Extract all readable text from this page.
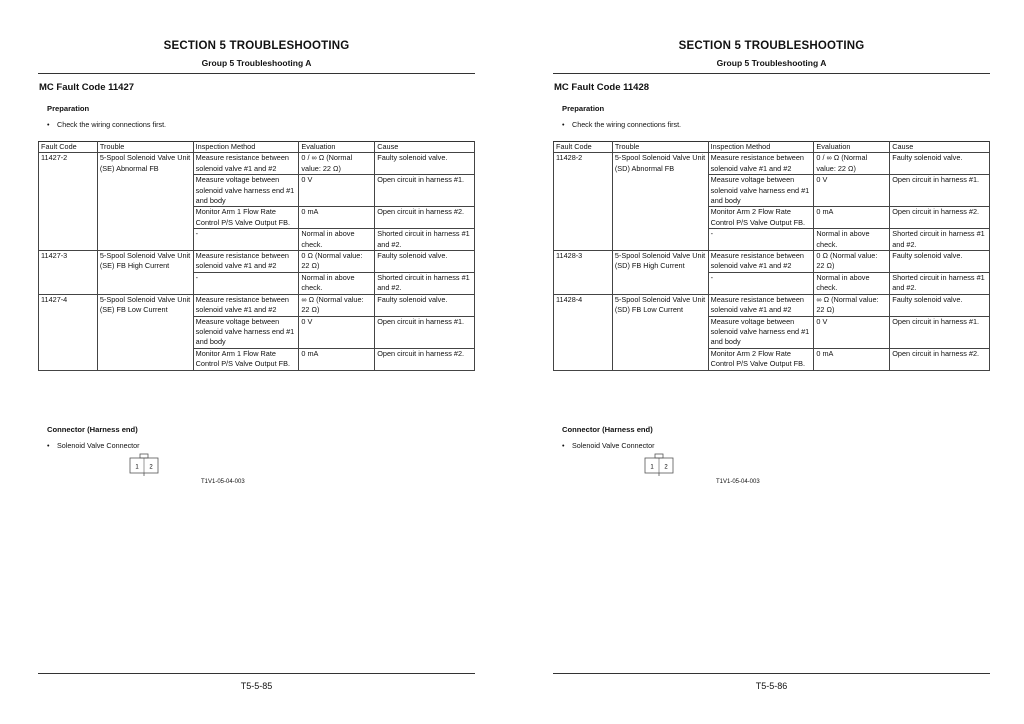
SECTION 5 TROUBLESHOOTING
Group 5 Troubleshooting A
MC Fault Code 11427
Preparation
• Check the wiring connections first.
Fault Code	Trouble	Inspection Method	Evaluation	Cause
11427-2	5-Spool Solenoid Valve Unit (SE) Abnormal FB	Measure resistance between solenoid valve #1 and #2	0 / ∞ Ω (Normal value: 22 Ω)	Faulty solenoid valve.
		Measure voltage between solenoid valve harness end #1 and body	0 V	Open circuit in harness #1.
		Monitor Arm 1 Flow Rate Control P/S Valve Output FB.	0 mA	Open circuit in harness #2.
		-	Normal in above check.	Shorted circuit in harness #1 and #2.
11427-3	5-Spool Solenoid Valve Unit (SE) FB High Current	Measure resistance between solenoid valve #1 and #2	0 Ω (Normal value: 22 Ω)	Faulty solenoid valve.
		-	Normal in above check.	Shorted circuit in harness #1 and #2.
11427-4	5-Spool Solenoid Valve Unit (SE) FB Low Current	Measure resistance between solenoid valve #1 and #2	∞ Ω (Normal value: 22 Ω)	Faulty solenoid valve.
		Measure voltage between solenoid valve harness end #1 and body	0 V	Open circuit in harness #1.
		Monitor Arm 1 Flow Rate Control P/S Valve Output FB.	0 mA	Open circuit in harness #2.
Connector (Harness end)
• Solenoid Valve Connector
1 2
T1V1-05-04-003
T5-5-85
SECTION 5 TROUBLESHOOTING
Group 5 Troubleshooting A
MC Fault Code 11428
Preparation
• Check the wiring connections first.
Fault Code	Trouble	Inspection Method	Evaluation	Cause
11428-2	5-Spool Solenoid Valve Unit (SD) Abnormal FB	Measure resistance between solenoid valve #1 and #2	0 / ∞ Ω (Normal value: 22 Ω)	Faulty solenoid valve.
		Measure voltage between solenoid valve harness end #1 and body	0 V	Open circuit in harness #1.
		Monitor Arm 2 Flow Rate Control P/S Valve Output FB.	0 mA	Open circuit in harness #2.
		-	Normal in above check.	Shorted circuit in harness #1 and #2.
11428-3	5-Spool Solenoid Valve Unit (SD) FB High Current	Measure resistance between solenoid valve #1 and #2	0 Ω (Normal value: 22 Ω)	Faulty solenoid valve.
		-	Normal in above check.	Shorted circuit in harness #1 and #2.
11428-4	5-Spool Solenoid Valve Unit (SD) FB Low Current	Measure resistance between solenoid valve #1 and #2	∞ Ω (Normal value: 22 Ω)	Faulty solenoid valve.
		Measure voltage between solenoid valve harness end #1 and body	0 V	Open circuit in harness #1.
		Monitor Arm 2 Flow Rate Control P/S Valve Output FB.	0 mA	Open circuit in harness #2.
Connector (Harness end)
• Solenoid Valve Connector
1 2
T1V1-05-04-003
T5-5-86
